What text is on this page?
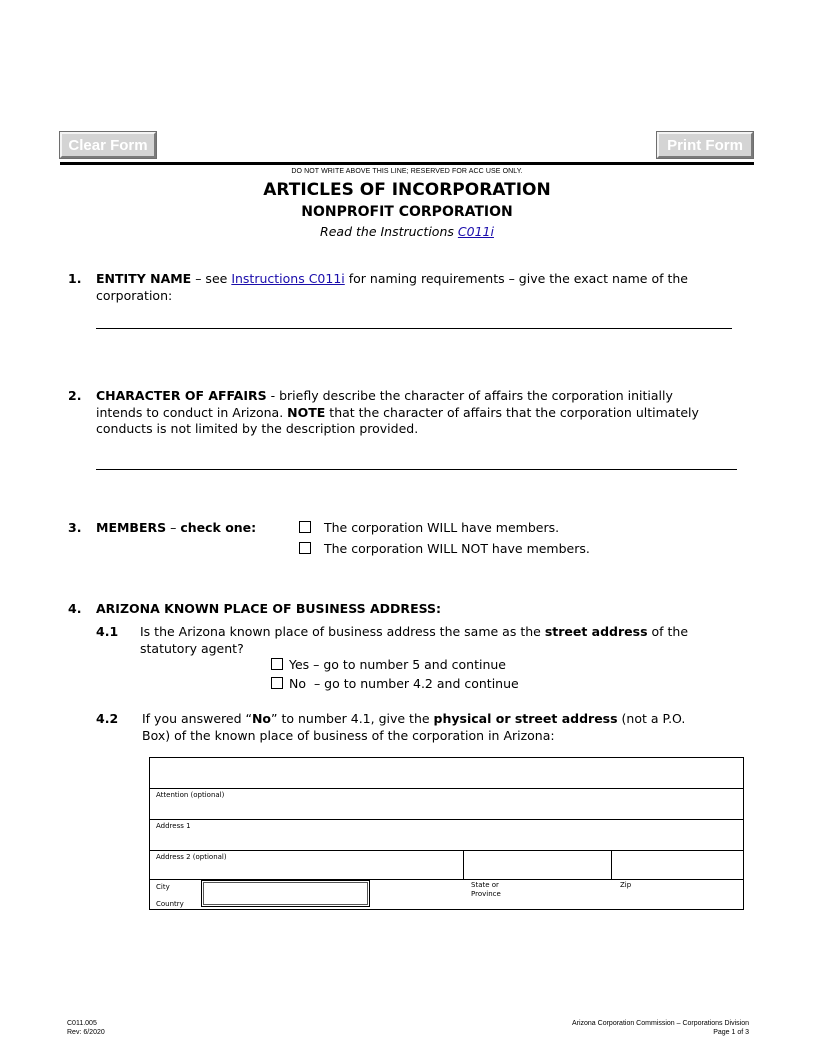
Clear Form	Print Form
DO NOT WRITE ABOVE THIS LINE; RESERVED FOR ACC USE ONLY.
ARTICLES OF INCORPORATION
NONPROFIT CORPORATION
Read the Instructions C011i
1. ENTITY NAME – see Instructions C011i for naming requirements – give the exact name of the
corporation:
2. CHARACTER OF AFFAIRS - briefly describe the character of affairs the corporation initially
intends to conduct in Arizona. NOTE that the character of affairs that the corporation ultimately
conducts is not limited by the description provided.
3. MEMBERS – check one:	The corporation WILL have members.
The corporation WILL NOT have members.
4. ARIZONA KNOWN PLACE OF BUSINESS ADDRESS:
4.1 Is the Arizona known place of business address the same as the street address of the
statutory agent?
Yes – go to number 5 and continue
No  – go to number 4.2 and continue
4.2 If you answered “No” to number 4.1, give the physical or street address (not a P.O.
Box) of the known place of business of the corporation in Arizona:
Attention (optional)
Address 1
Address 2 (optional)
City
Country
State or
Province
Zip
C011.005
Rev: 6/2020
Arizona Corporation Commission – Corporations Division
Page 1 of 3
